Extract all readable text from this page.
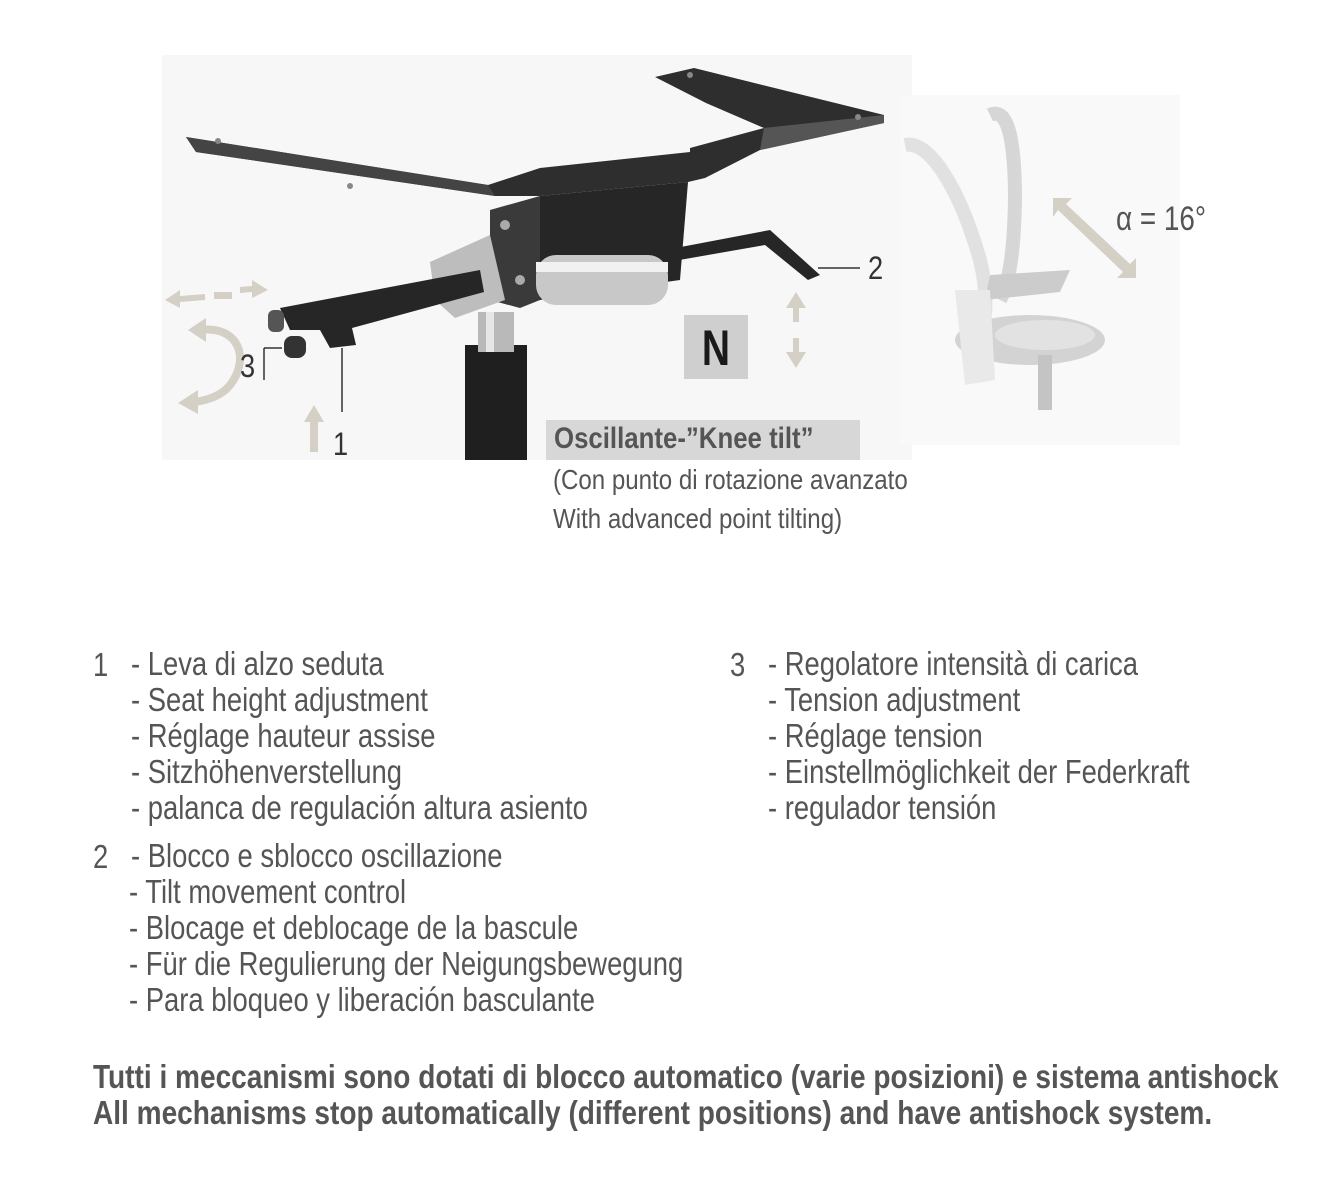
1
2
3	N
α = 16°
Oscillante-”Knee tilt”
(Con punto di rotazione avanzato
With advanced point tilting)
1 - Leva di alzo seduta
- Seat height adjustment
- Réglage hauteur assise
- Sitzhöhenverstellung
- palanca de regulación altura asiento
2 - Blocco e sblocco oscillazione
- Tilt movement control
- Blocage et deblocage de la bascule
- Für die Regulierung der Neigungsbewegung
- Para bloqueo y liberación basculante
3 - Regolatore intensità di carica
- Tension adjustment
- Réglage tension
- Einstellmöglichkeit der Federkraft
- regulador tensión
Tutti i meccanismi sono dotati di blocco automatico (varie posizioni) e sistema antishock
All mechanisms stop automatically (different positions) and have antishock system.
